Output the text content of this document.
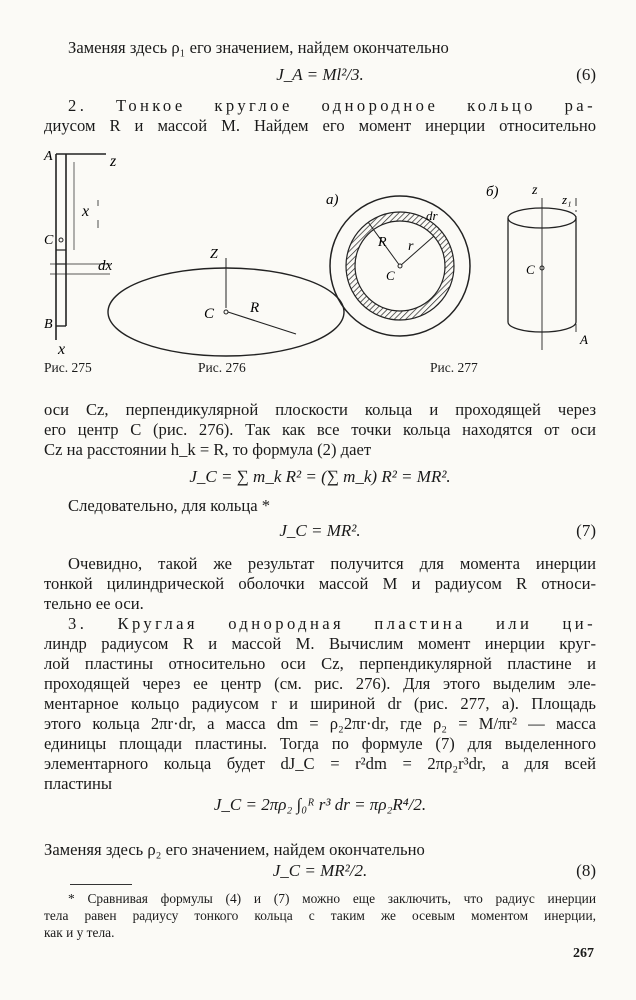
Заменяя здесь ρ₁ его значением, найдем окончательно
J_A = Ml²/3.	(6)
2. Тонкое круглое однородное кольцо ра-
диусом R и массой M. Найдем его момент инерции относительно
A	z
x
C
dx
B
x
Z
C R
а)
dr
R r
C
б) z
z₁
C
A
Рис. 275	Рис. 276	Рис. 277
оси Cz, перпендикулярной плоскости кольца и проходящей через
его центр C (рис. 276). Так как все точки кольца находятся от оси
Cz на расстоянии h_k = R, то формула (2) дает
J_C = ∑ m_k R² = (∑ m_k) R² = MR².
Следовательно, для кольца *
J_C = MR².	(7)
Очевидно, такой же результат получится для момента инерции
тонкой цилиндрической оболочки массой M и радиусом R относи-
тельно ее оси.
3. Круглая однородная пластина или ци-
линдр радиусом R и массой M. Вычислим момент инерции круг-
лой пластины относительно оси Cz, перпендикулярной пластине и
проходящей через ее центр (см. рис. 276). Для этого выделим эле-
ментарное кольцо радиусом r и шириной dr (рис. 277, а). Площадь
этого кольца 2πr·dr, а масса dm = ρ₂2πr·dr, где ρ₂ = M/πr² — масса
единицы площади пластины. Тогда по формуле (7) для выделенного
элементарного кольца будет dJ_C = r²dm = 2πρ₂r³dr, а для всей
пластины
J_C = 2πρ₂ ∫₀ᴿ r³ dr = πρ₂R⁴/2.
Заменяя здесь ρ₂ его значением, найдем окончательно
J_C = MR²/2.	(8)
* Сравнивая формулы (4) и (7) можно еще заключить, что радиус инерции
тела равен радиусу тонкого кольца с таким же осевым моментом инерции,
как и у тела.
267
